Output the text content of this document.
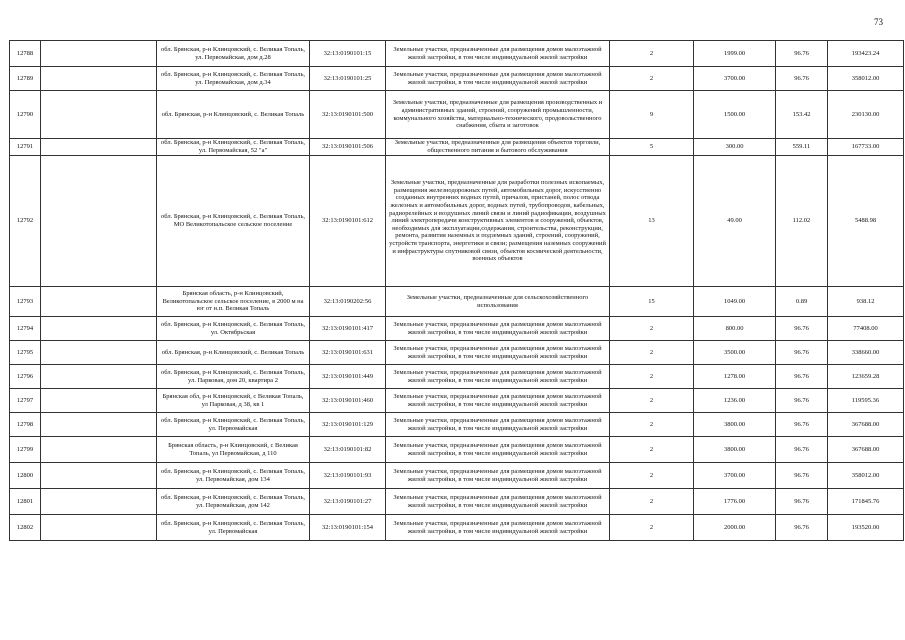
73
12788		обл. Брянская, р-н Клинцовский, с. Великая Топаль, ул. Первомайская, дом д.28	32:13:0190101:15	Земельные участки, предназначенные для размещения домов малоэтажной жилой застройки, в том числе индивидуальной жилой застройки	2	1999.00	96.76	193423.24
12789		обл. Брянская, р-н Клинцовский, с. Великая Топаль, ул. Первомайская, дом д.34	32:13:0190101:25	Земельные участки, предназначенные для размещения домов малоэтажной жилой застройки, в том числе индивидуальной жилой застройки	2	3700.00	96.76	358012.00
12790		обл. Брянская, р-н Клинцовский, с. Великая Топаль	32:13:0190101:500	Земельные участки, предназначенные для размещения производственных и административных зданий, строений, сооружений промышленности, коммунального хозяйства, материально-технического, продовольственного снабжения, сбыта и заготовок	9	1500.00	153.42	230130.00
12791		обл. Брянская, р-н Клинцовский, с. Великая Топаль, ул. Первомайская, 52 "а"	32:13:0190101:506	Земельные участки, предназначенные для размещения объектов торговли, общественного питания и бытового обслуживания	5	300.00	559.11	167733.00
12792		обл. Брянская, р-н Клинцовский, с. Великая Топаль, МО Великотопальское сельское поселение	32:13:0190101:612	Земельные участки, предназначенные для разработки полезных ископаемых, размещения железнодорожных путей, автомобильных дорог, искусственно созданных внутренних водных путей, причалов, пристаней, полос отвода железных и автомобильных дорог, водных путей, трубопроводов, кабельных, радиорелейных и воздушных линий связи и линий радиофикации, воздушных линий электропередачи конструктивных элементов и сооружений, объектов, необходимых для эксплуатации,содержания, строительства, реконструкции, ремонта, развития наземных и подземных зданий, строений, сооружений, устройств транспорта, энергетики и связи; размещения наземных сооружений и инфраструктуры спутниковой связи, объектов космической деятельности, военных объектов	13	49.00	112.02	5488.98
12793		Брянская область, р-н Клинцовский, Великотопальское сельское поселение, в 2000 м на юг от н.п. Великая Топаль	32:13:0190202:56	Земельные участки, предназначенные для сельскохозяйственного использования	15	1049.00	0.89	938.12
12794		обл. Брянская, р-н Клинцовский, с. Великая Топаль, ул. Октябрьская	32:13:0190101:417	Земельные участки, предназначенные для размещения домов малоэтажной жилой застройки, в том числе индивидуальной жилой застройки	2	800.00	96.76	77408.00
12795		обл. Брянская, р-н Клинцовский, с. Великая Топаль	32:13:0190101:631	Земельные участки, предназначенные для размещения домов малоэтажной жилой застройки, в том числе индивидуальной жилой застройки	2	3500.00	96.76	338660.00
12796		обл. Брянская, р-н Клинцовский, с. Великая Топаль, ул. Парковая, дом 20, квартира 2	32:13:0190101:449	Земельные участки, предназначенные для размещения домов малоэтажной жилой застройки, в том числе индивидуальной жилой застройки	2	1278.00	96.76	123659.28
12797		Брянская обл, р-н Клинцовский, с Великая Топаль, ул Парковая, д 38, кв 1	32:13:0190101:460	Земельные участки, предназначенные для размещения домов малоэтажной жилой застройки, в том числе индивидуальной жилой застройки	2	1236.00	96.76	119595.36
12798		обл. Брянская, р-н Клинцовский, с. Великая Топаль, ул. Первомайская	32:13:0190101:129	Земельные участки, предназначенные для размещения домов малоэтажной жилой застройки, в том числе индивидуальной жилой застройки	2	3800.00	96.76	367688.00
12799		Брянская область, р-н Клинцовский, с Великая Топаль, ул Первомайская, д 110	32:13:0190101:82	Земельные участки, предназначенные для размещения домов малоэтажной жилой застройки, в том числе индивидуальной жилой застройки	2	3800.00	96.76	367688.00
12800		обл. Брянская, р-н Клинцовский, с. Великая Топаль, ул. Первомайская, дом 134	32:13:0190101:93	Земельные участки, предназначенные для размещения домов малоэтажной жилой застройки, в том числе индивидуальной жилой застройки	2	3700.00	96.76	358012.00
12801		обл. Брянская, р-н Клинцовский, с. Великая Топаль, ул. Первомайская, дом 142	32:13:0190101:27	Земельные участки, предназначенные для размещения домов малоэтажной жилой застройки, в том числе индивидуальной жилой застройки	2	1776.00	96.76	171845.76
12802		обл. Брянская, р-н Клинцовский, с. Великая Топаль, ул. Первомайская	32:13:0190101:154	Земельные участки, предназначенные для размещения домов малоэтажной жилой застройки, в том числе индивидуальной жилой застройки	2	2000.00	96.76	193520.00
